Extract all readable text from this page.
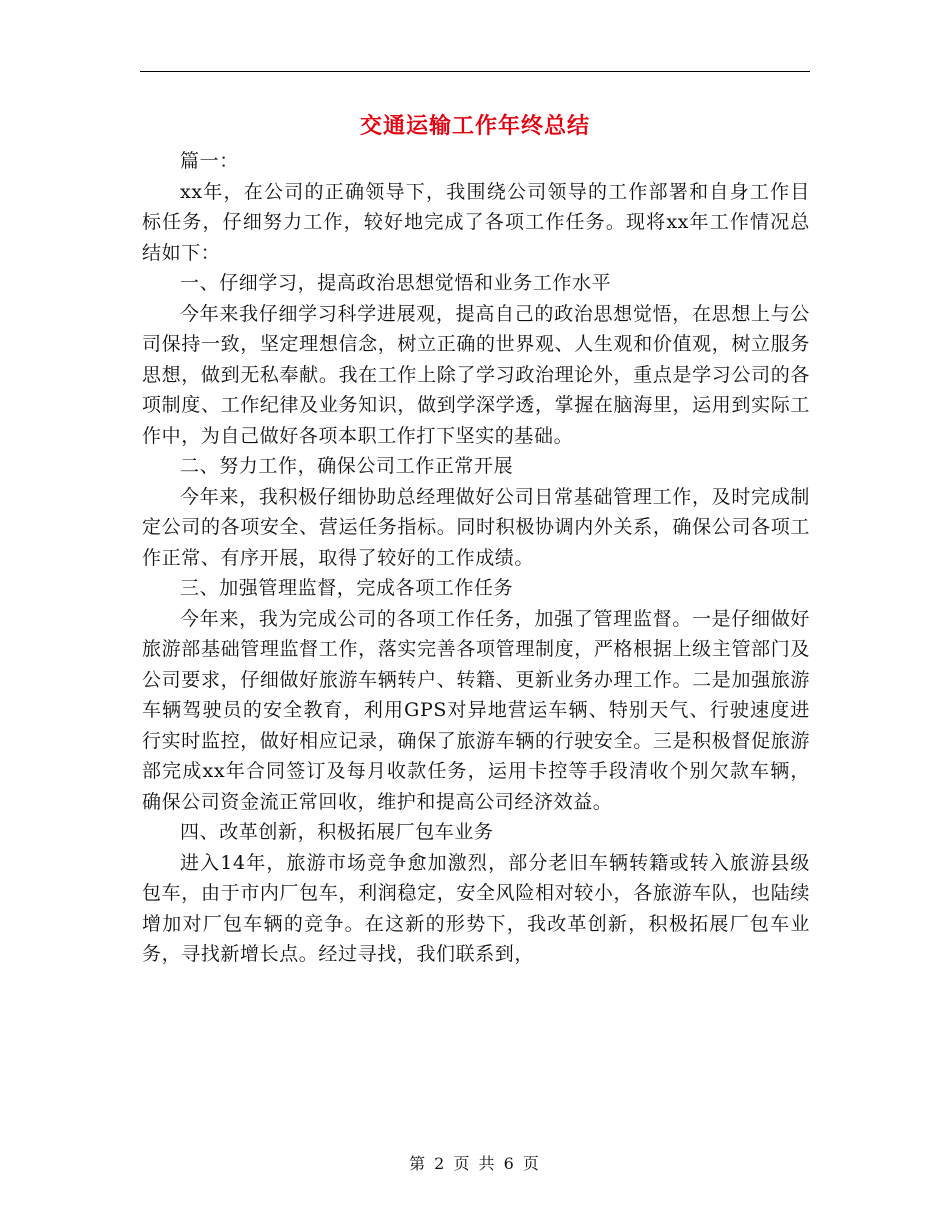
交通运输工作年终总结

篇一：

xx年，在公司的正确领导下，我围绕公司领导的工作部署和自身工作目标任务，仔细努力工作，较好地完成了各项工作任务。现将xx年工作情况总结如下：

一、仔细学习，提高政治思想觉悟和业务工作水平

今年来我仔细学习科学进展观，提高自己的政治思想觉悟，在思想上与公司保持一致，坚定理想信念，树立正确的世界观、人生观和价值观，树立服务思想，做到无私奉献。我在工作上除了学习政治理论外，重点是学习公司的各项制度、工作纪律及业务知识，做到学深学透，掌握在脑海里，运用到实际工作中，为自己做好各项本职工作打下坚实的基础。

二、努力工作，确保公司工作正常开展

今年来，我积极仔细协助总经理做好公司日常基础管理工作，及时完成制定公司的各项安全、营运任务指标。同时积极协调内外关系，确保公司各项工作正常、有序开展，取得了较好的工作成绩。

三、加强管理监督，完成各项工作任务

今年来，我为完成公司的各项工作任务，加强了管理监督。一是仔细做好旅游部基础管理监督工作，落实完善各项管理制度，严格根据上级主管部门及公司要求，仔细做好旅游车辆转户、转籍、更新业务办理工作。二是加强旅游车辆驾驶员的安全教育，利用GPS对异地营运车辆、特别天气、行驶速度进行实时监控，做好相应记录，确保了旅游车辆的行驶安全。三是积极督促旅游部完成xx年合同签订及每月收款任务，运用卡控等手段清收个别欠款车辆，确保公司资金流正常回收，维护和提高公司经济效益。

四、改革创新，积极拓展厂包车业务

进入14年，旅游市场竞争愈加激烈，部分老旧车辆转籍或转入旅游县级包车，由于市内厂包车，利润稳定，安全风险相对较小，各旅游车队，也陆续增加对厂包车辆的竞争。在这新的形势下，我改革创新，积极拓展厂包车业务，寻找新增长点。经过寻找，我们联系到，

第 2 页 共 6 页
